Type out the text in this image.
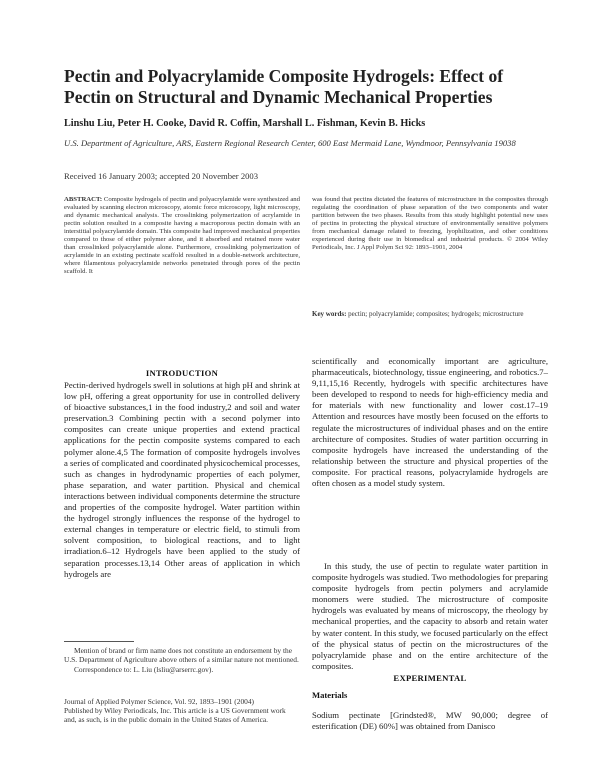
Pectin and Polyacrylamide Composite Hydrogels: Effect of Pectin on Structural and Dynamic Mechanical Properties
Linshu Liu, Peter H. Cooke, David R. Coffin, Marshall L. Fishman, Kevin B. Hicks
U.S. Department of Agriculture, ARS, Eastern Regional Research Center, 600 East Mermaid Lane, Wyndmoor, Pennsylvania 19038
Received 16 January 2003; accepted 20 November 2003
ABSTRACT: Composite hydrogels of pectin and polyacrylamide were synthesized and evaluated by scanning electron microscopy, atomic force microscopy, light microscopy, and dynamic mechanical analysis. The crosslinking polymerization of acrylamide in pectin solution resulted in a composite having a macroporous pectin domain with an interstitial polyacrylamide domain. This composite had improved mechanical properties compared to those of either polymer alone, and it absorbed and retained more water than crosslinked polyacrylamide alone. Furthermore, crosslinking polymerization of acrylamide in an existing pectinate scaffold resulted in a double-network architecture, where filamentous polyacrylamide networks penetrated through pores of the pectin scaffold. It
was found that pectins dictated the features of microstructure in the composites through regulating the coordination of phase separation of the two components and water partition between the two phases. Results from this study highlight potential new uses of pectins in protecting the physical structure of environmentally sensitive polymers from mechanical damage related to freezing, lyophilization, and other conditions experienced during their use in biomedical and industrial products. © 2004 Wiley Periodicals, Inc. J Appl Polym Sci 92: 1893–1901, 2004
Key words: pectin; polyacrylamide; composites; hydrogels; microstructure
INTRODUCTION
Pectin-derived hydrogels swell in solutions at high pH and shrink at low pH, offering a great opportunity for use in controlled delivery of bioactive substances,1 in the food industry,2 and soil and water preservation.3 Combining pectin with a second polymer into composites can create unique properties and extend practical applications for the pectin composite systems compared to each polymer alone.4,5 The formation of composite hydrogels involves a series of complicated and coordinated physicochemical processes, such as changes in hydrodynamic properties of each polymer, phase separation, and water partition. Physical and chemical interactions between individual components determine the structure and properties of the composite hydrogel. Water partition within the hydrogel strongly influences the response of the hydrogel to external changes in temperature or electric field, to stimuli from solvent composition, to biological reactions, and to light irradiation.6–12 Hydrogels have been applied to the study of separation processes.13,14 Other areas of application in which hydrogels are
scientifically and economically important are agriculture, pharmaceuticals, biotechnology, tissue engineering, and robotics.7–9,11,15,16 Recently, hydrogels with specific architectures have been developed to respond to needs for high-efficiency media and for materials with new functionality and lower cost.17–19 Attention and resources have mostly been focused on the efforts to regulate the microstructures of individual phases and on the entire architecture of composites. Studies of water partition occurring in composite hydrogels have increased the understanding of the relationship between the structure and physical properties of the composite. For practical reasons, polyacrylamide hydrogels are often chosen as a model study system.
In this study, the use of pectin to regulate water partition in composite hydrogels was studied. Two methodologies for preparing composite hydrogels from pectin polymers and acrylamide monomers were studied. The microstructure of composite hydrogels was evaluated by means of microscopy, the rheology by mechanical properties, and the capacity to absorb and retain water by water content. In this study, we focused particularly on the effect of the physical status of pectin on the microstructures of the polyacrylamide phase and on the entire architecture of the composites.

Mention of brand or firm name does not constitute an endorsement by the U.S. Department of Agriculture above others of a similar nature not mentioned.

Correspondence to: L. Liu (lsliu@arserrc.gov).

Journal of Applied Polymer Science, Vol. 92, 1893–1901 (2004)

Published by Wiley Periodicals, Inc. This article is a US Government work and, as such, is in the public domain in the United States of America.

EXPERIMENTAL
Materials
Sodium pectinate [Grindsted®, MW 90,000; degree of esterification (DE) 60%] was obtained from Danisco
